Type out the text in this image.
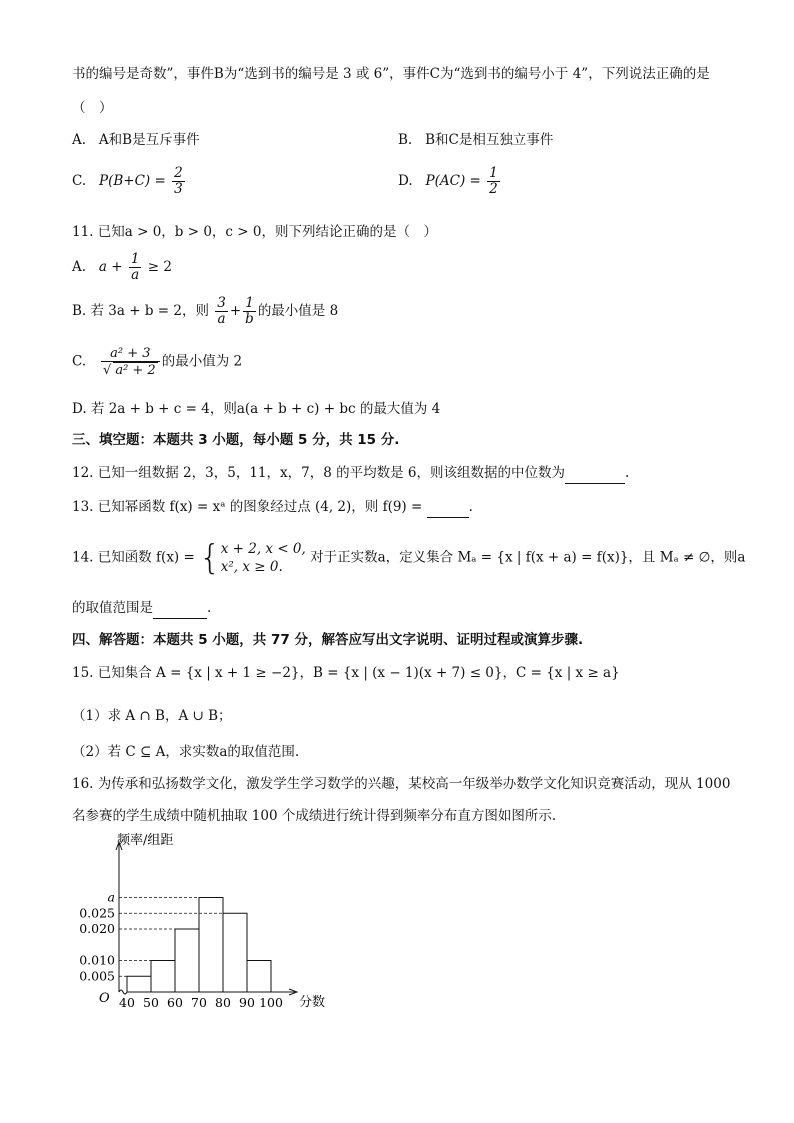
书的编号是奇数”，事件B为“选到书的编号是 3 或 6”，事件C为“选到书的编号小于 4”，下列说法正确的是
（　）
A. A和B是互斥事件	B. B和C是相互独立事件
C. $P(B+C) = \frac{2}{3}$	D. $P(AC) = \frac{1}{2}$
11. 已知a > 0，b > 0，c > 0，则下列结论正确的是（　）
A. $a + \frac{1}{a} \ge 2$
B. 若 3a + b = 2，则 $\frac{3}{a} + \frac{1}{b}$ 的最小值是 8
C. $\frac{\text{a² + 3}}{\text{√ a² + 2}}$ 的最小值为 2
D. 若 2a + b + c = 4，则a(a + b + c) + bc 的最大值为 4
三、填空题：本题共 3 小题，每小题 5 分，共 15 分.
12. 已知一组数据 2，3，5，11，x，7，8 的平均数是 6，则该组数据的中位数为	.
13. 已知幂函数 f(x) = xᵃ 的图象经过点 (4, 2)，则 f(9) =	.
14. 已知函数 f(x) = { x + 2, x < 0,
x², x ≥ 0.
对于正实数a，定义集合 Mₐ = {x | f(x + a) = f(x)}，且 Mₐ ≠ ∅，则a
的取值范围是	.
四、解答题：本题共 5 小题，共 77 分，解答应写出文字说明、证明过程或演算步骤.
15. 已知集合 A = {x | x + 1 ≥ −2}，B = {x | (x − 1)(x + 7) ≤ 0}，C = {x | x ≥ a}
（1）求 A ∩ B，A ∪ B；
（2）若 C ⊆ A，求实数a的取值范围.
16. 为传承和弘扬数学文化，激发学生学习数学的兴趣，某校高一年级举办数学文化知识竞赛活动，现从 1000
名参赛的学生成绩中随机抽取 100 个成绩进行统计得到频率分布直方图如图所示.
频率/组距
分数
O
0.005
0.010
0.020
0.025
a
40 50 60 70 80 90 100
